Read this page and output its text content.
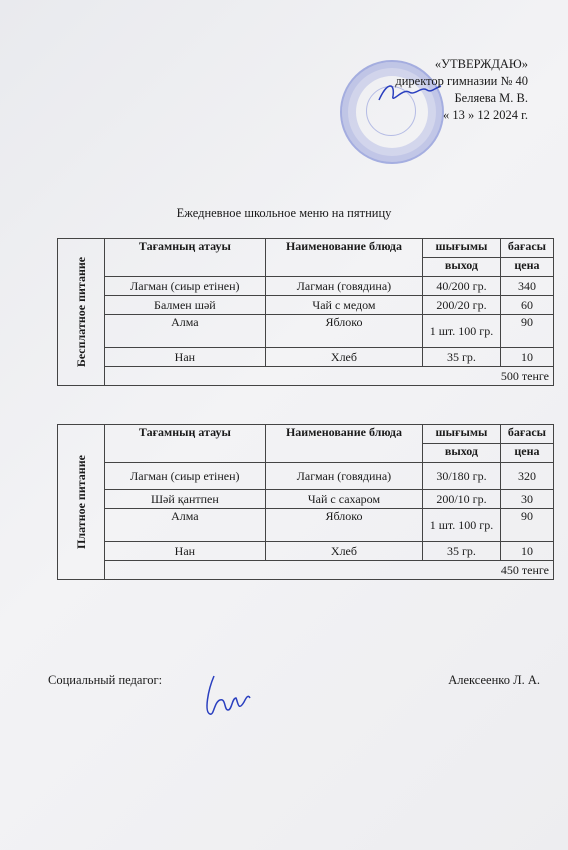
«УТВЕРЖДАЮ»
директор гимназии № 40
Беляева М. В.
« 13 » 12 2024 г.
Ежедневное школьное меню на пятницу
Бесплатное питание	Тағамның атауы	Наименование блюда	шығымы	бағасы
			выход	цена
	Лагман (сиыр етінен)	Лагман (говядина)	40/200 гр.	340
	Балмен шәй	Чай с медом	200/20 гр.	60
	Алма	Яблоко	1 шт. 100 гр.	90
	Нан	Хлеб	35 гр.	10
	500 тенге			
Платное питание	Тағамның атауы	Наименование блюда	шығымы	бағасы
			выход	цена
	Лагман (сиыр етінен)	Лагман (говядина)	30/180 гр.	320
	Шәй қантпен	Чай с сахаром	200/10 гр.	30
	Алма	Яблоко	1 шт. 100 гр.	90
	Нан	Хлеб	35 гр.	10
	450 тенге			
Социальный педагог:	Алексеенко Л. А.
